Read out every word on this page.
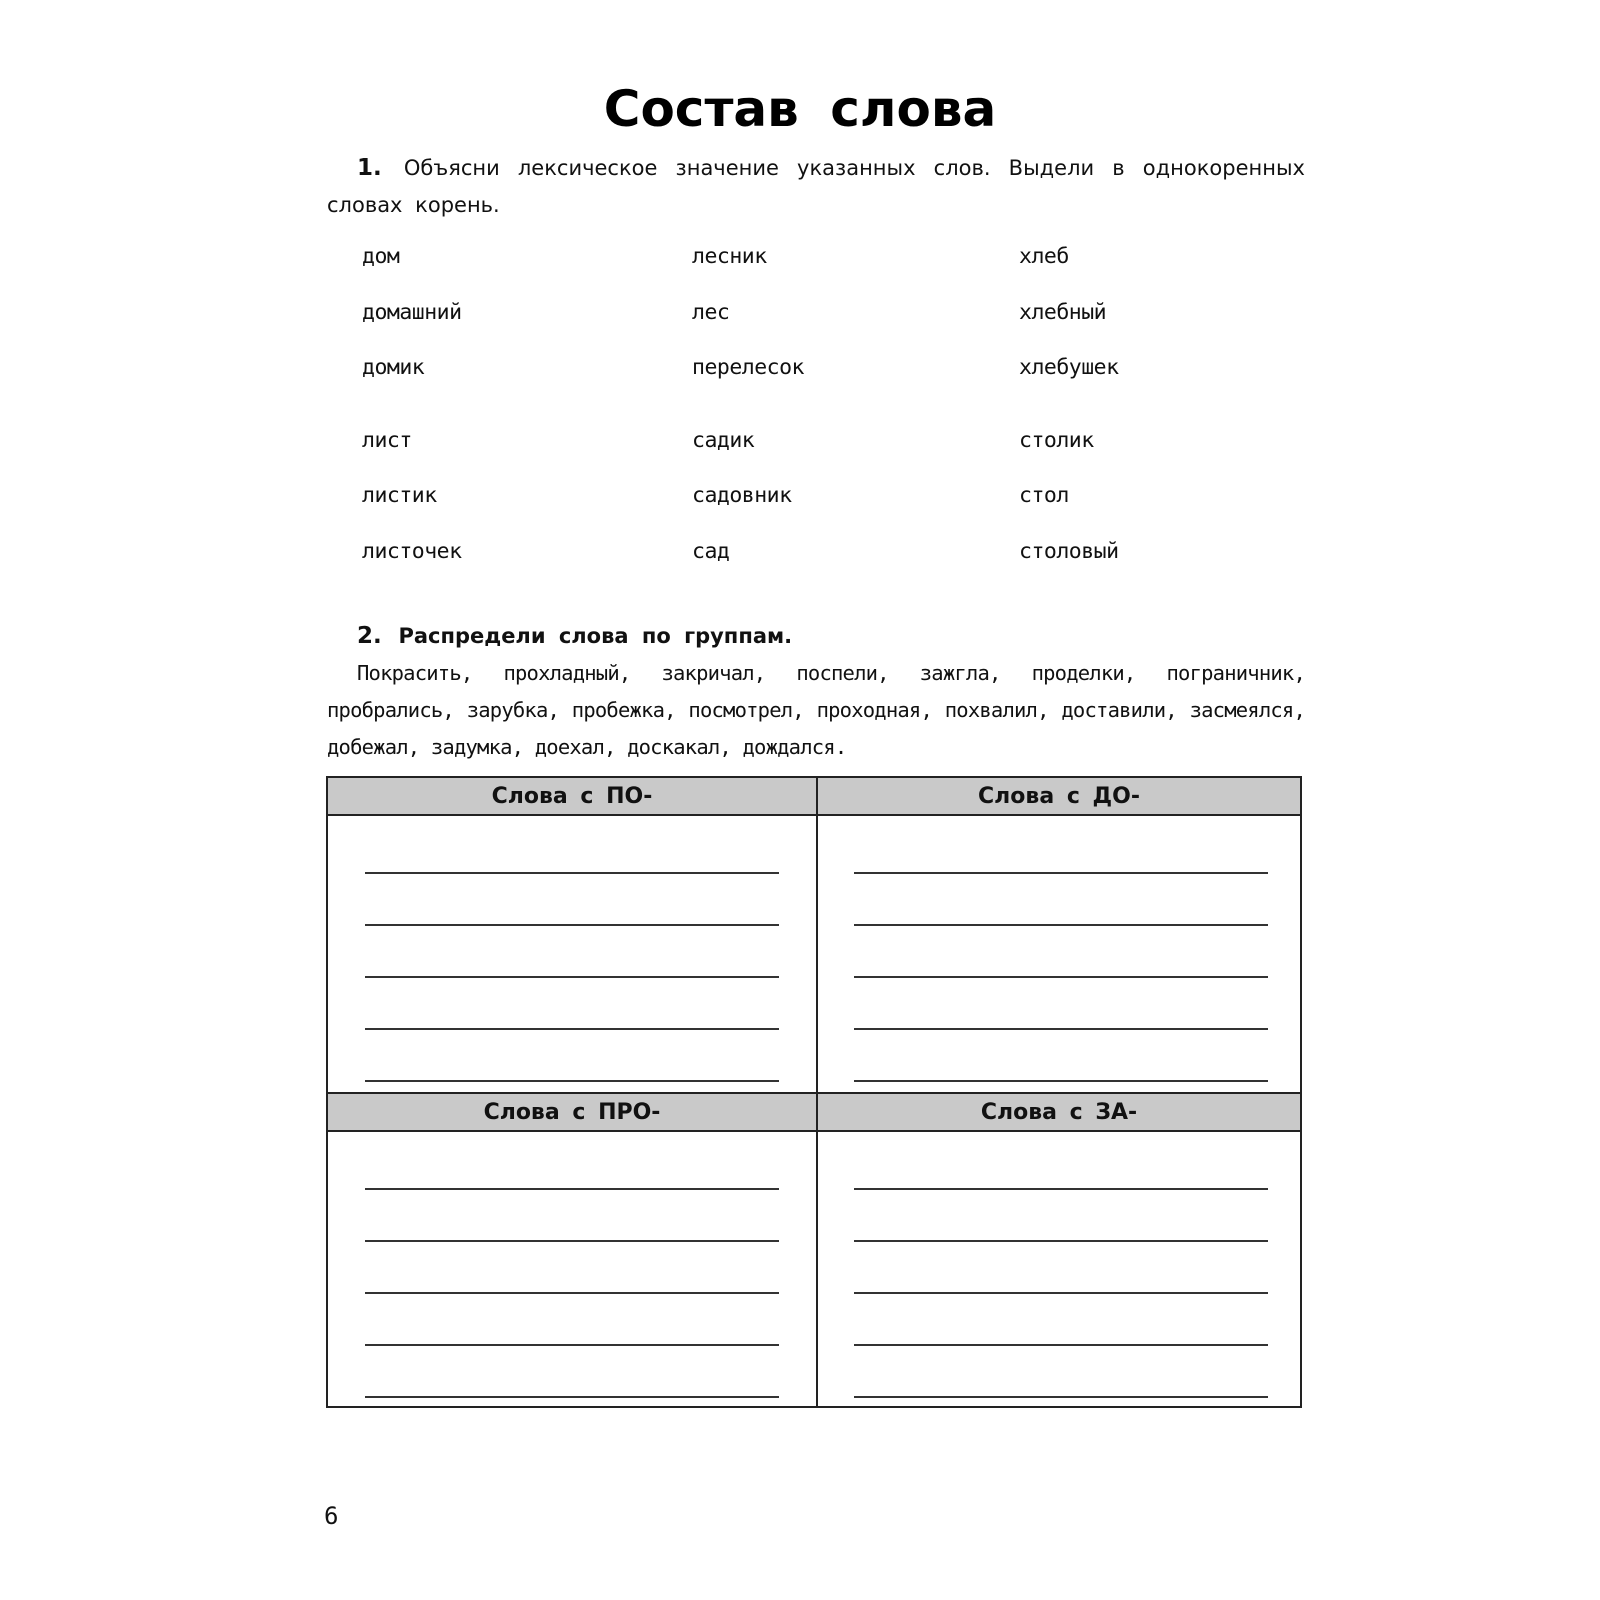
Состав слова
1. Объясни лексическое значение указанных слов. Выдели в однокоренных словах корень.
дом
домашний
домик
лист
листик
листочек
лесник
лес
перелесок
садик
садовник
сад
хлеб
хлебный
хлебушек
столик
стол
столовый
2. Распредели слова по группам.
Покрасить, прохладный, закричал, поспели, зажгла, проделки, пограничник, пробрались, зарубка, пробежка, посмотрел, проходная, похвалил, доставили, засмеялся, добежал, задумка, доехал, доскакал, дождался.
Слова с ПО-	Слова с ДО-
Слова с ПРО-	Слова с ЗА-
6
